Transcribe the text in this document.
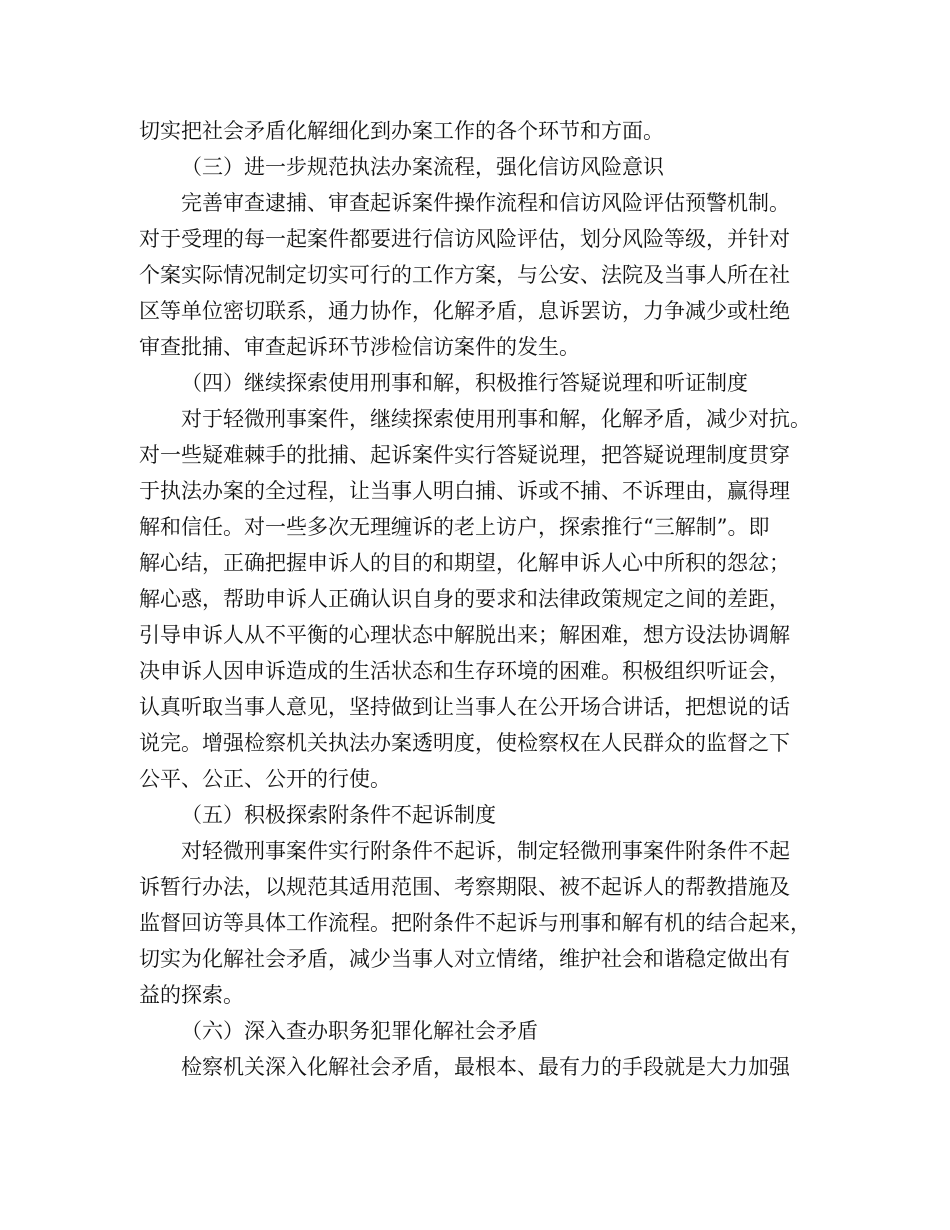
切实把社会矛盾化解细化到办案工作的各个环节和方面。
（三）进一步规范执法办案流程，强化信访风险意识
完善审查逮捕、审查起诉案件操作流程和信访风险评估预警机制。
对于受理的每一起案件都要进行信访风险评估，划分风险等级，并针对
个案实际情况制定切实可行的工作方案，与公安、法院及当事人所在社
区等单位密切联系，通力协作，化解矛盾，息诉罢访，力争减少或杜绝
审查批捕、审查起诉环节涉检信访案件的发生。
（四）继续探索使用刑事和解，积极推行答疑说理和听证制度
对于轻微刑事案件，继续探索使用刑事和解，化解矛盾，减少对抗。
对一些疑难棘手的批捕、起诉案件实行答疑说理，把答疑说理制度贯穿
于执法办案的全过程，让当事人明白捕、诉或不捕、不诉理由，赢得理
解和信任。对一些多次无理缠诉的老上访户，探索推行“三解制”。即
解心结，正确把握申诉人的目的和期望，化解申诉人心中所积的怨忿；
解心惑，帮助申诉人正确认识自身的要求和法律政策规定之间的差距，
引导申诉人从不平衡的心理状态中解脱出来；解困难，想方设法协调解
决申诉人因申诉造成的生活状态和生存环境的困难。积极组织听证会，
认真听取当事人意见，坚持做到让当事人在公开场合讲话，把想说的话
说完。增强检察机关执法办案透明度，使检察权在人民群众的监督之下
公平、公正、公开的行使。
（五）积极探索附条件不起诉制度
对轻微刑事案件实行附条件不起诉，制定轻微刑事案件附条件不起
诉暂行办法，以规范其适用范围、考察期限、被不起诉人的帮教措施及
监督回访等具体工作流程。把附条件不起诉与刑事和解有机的结合起来，
切实为化解社会矛盾，减少当事人对立情绪，维护社会和谐稳定做出有
益的探索。
（六）深入查办职务犯罪化解社会矛盾
检察机关深入化解社会矛盾，最根本、最有力的手段就是大力加强
